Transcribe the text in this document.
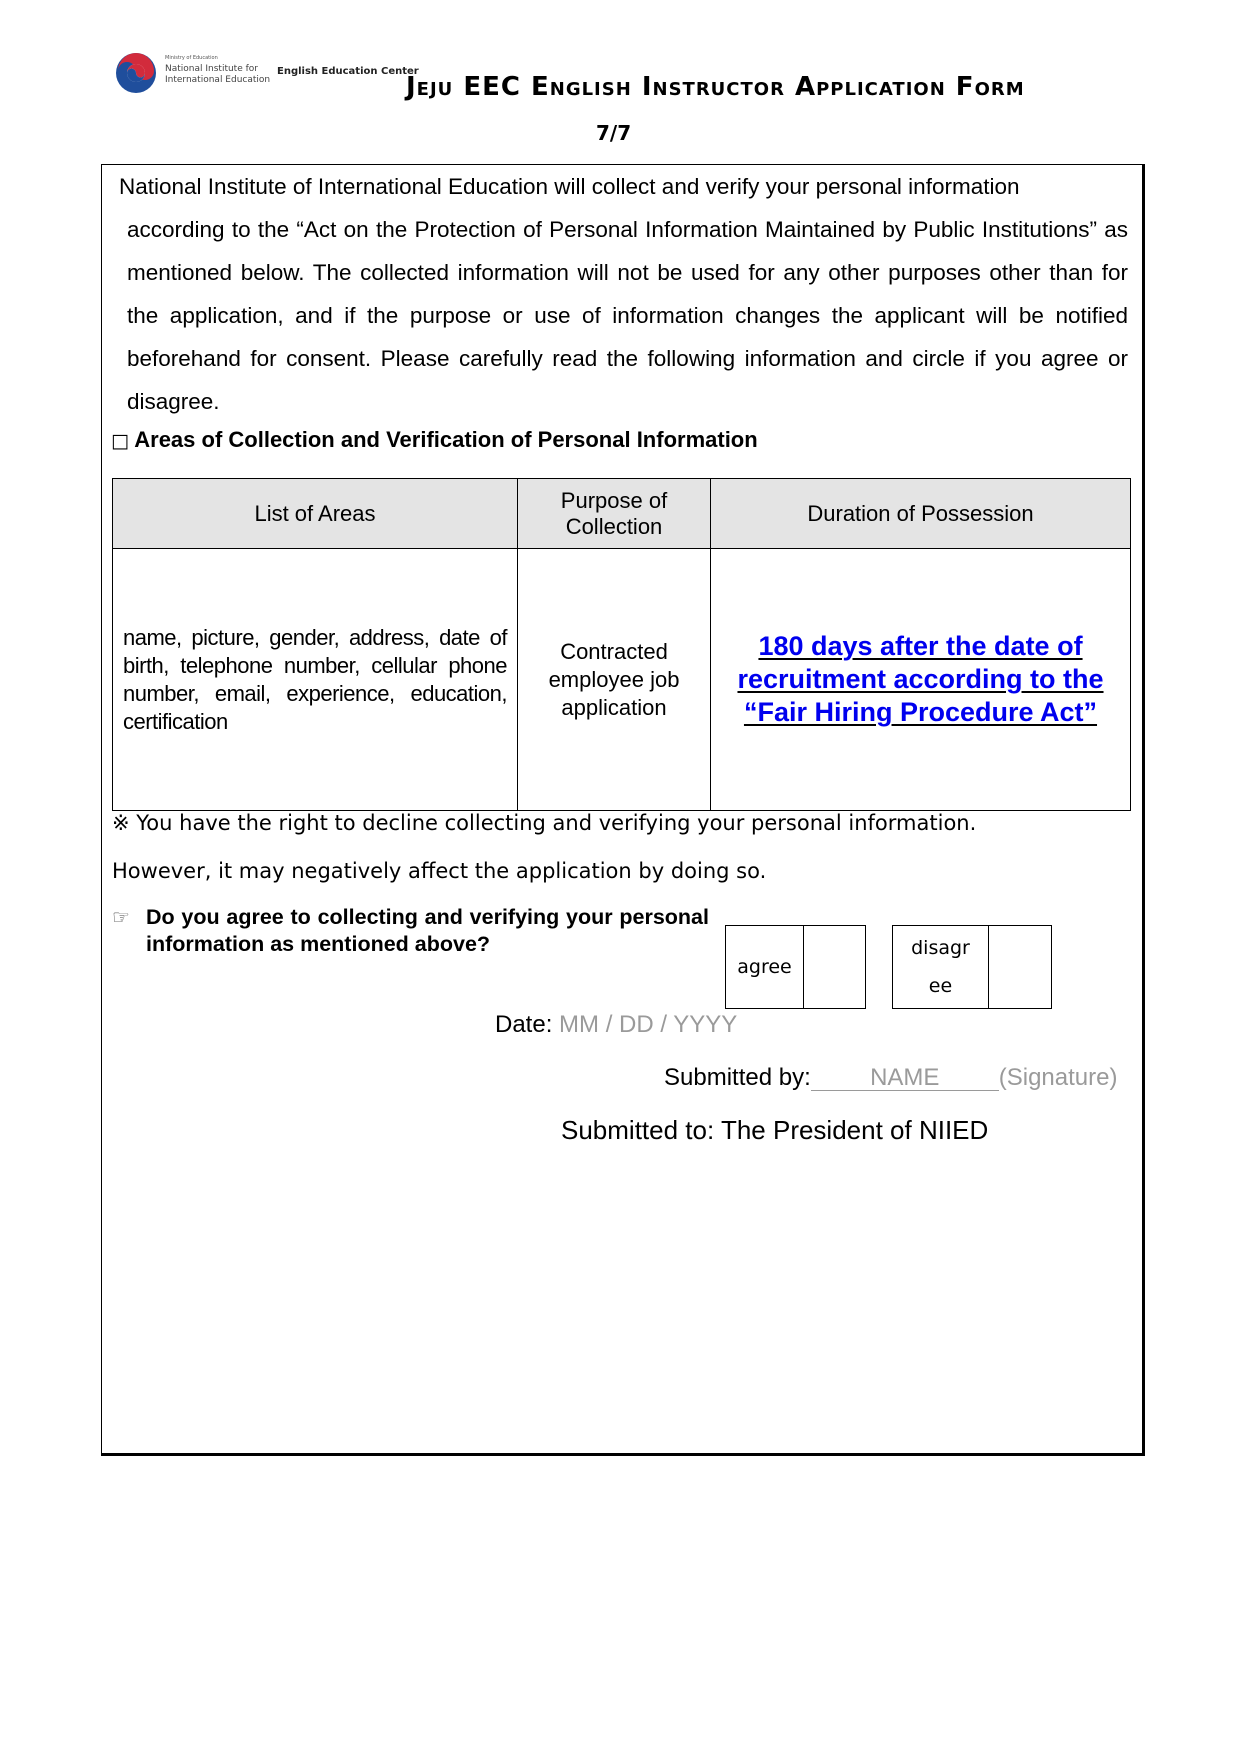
Ministry of Education
National Institute for
International Education
English Education Center
Jeju EEC English Instructor Application Form
7/7
National Institute of International Education will collect and verify your personal information
according to the “Act on the Protection of Personal Information Maintained by Public Institutions” as mentioned below. The collected information will not be used for any other purposes other than for the application, and if the purpose or use of information changes the applicant will be notified beforehand for consent. Please carefully read the following information and circle if you agree or disagree.
□ Areas of Collection and Verification of Personal Information
List of Areas	Purpose of Collection	Duration of Possession
name, picture, gender, address, date of birth, telephone number, cellular phone number, email, experience, education, certification	Contracted employee job application	180 days after the date of recruitment according to the “Fair Hiring Procedure Act”
※ You have the right to decline collecting and verifying your personal information.
However, it may negatively affect the application by doing so.
☞ Do you agree to collecting and verifying your personal information as mentioned above?
agree
disagree
Date: MM / DD / YYYY
Submitted by: NAME (Signature)
Submitted to: The President of NIIED
